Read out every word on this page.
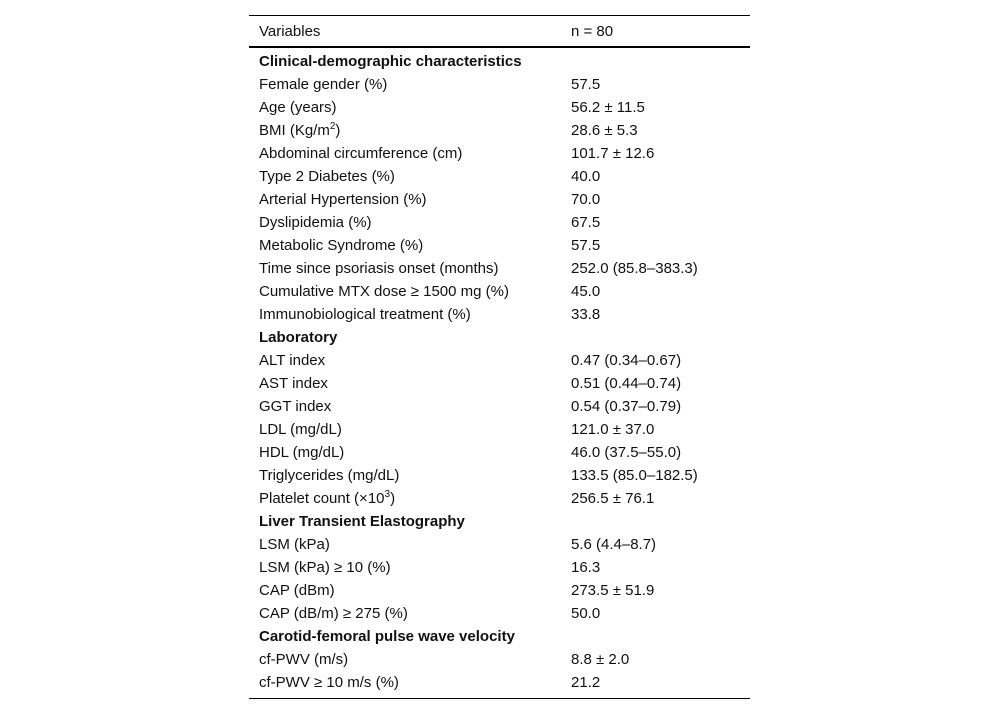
Variables	n = 80
Clinical-demographic characteristics
Female gender (%)	57.5
Age (years)	56.2 ± 11.5
BMI $(Kg/m^2)$	28.6 ± 5.3
Abdominal circumference (cm)	101.7 ± 12.6
Type 2 Diabetes (%)	40.0
Arterial Hypertension (%)	70.0
Dyslipidemia (%)	67.5
Metabolic Syndrome (%)	57.5
Time since psoriasis onset (months)	252.0 (85.8–383.3)
Cumulative MTX dose ≥ 1500 mg (%)	45.0
Immunobiological treatment (%)	33.8
Laboratory
ALT index	0.47 (0.34–0.67)
AST index	0.51 (0.44–0.74)
GGT index	0.54 (0.37–0.79)
LDL (mg/dL)	121.0 ± 37.0
HDL (mg/dL)	46.0 (37.5–55.0)
Triglycerides (mg/dL)	133.5 (85.0–182.5)
Platelet count $(\times 10^3)$	256.5 ± 76.1
Liver Transient Elastography
LSM (kPa)	5.6 (4.4–8.7)
LSM (kPa) ≥ 10 (%)	16.3
CAP (dBm)	273.5 ± 51.9
CAP (dB/m) ≥ 275 (%)	50.0
Carotid-femoral pulse wave velocity
cf-PWV (m/s)	8.8 ± 2.0
cf-PWV ≥ 10 m/s (%)	21.2
